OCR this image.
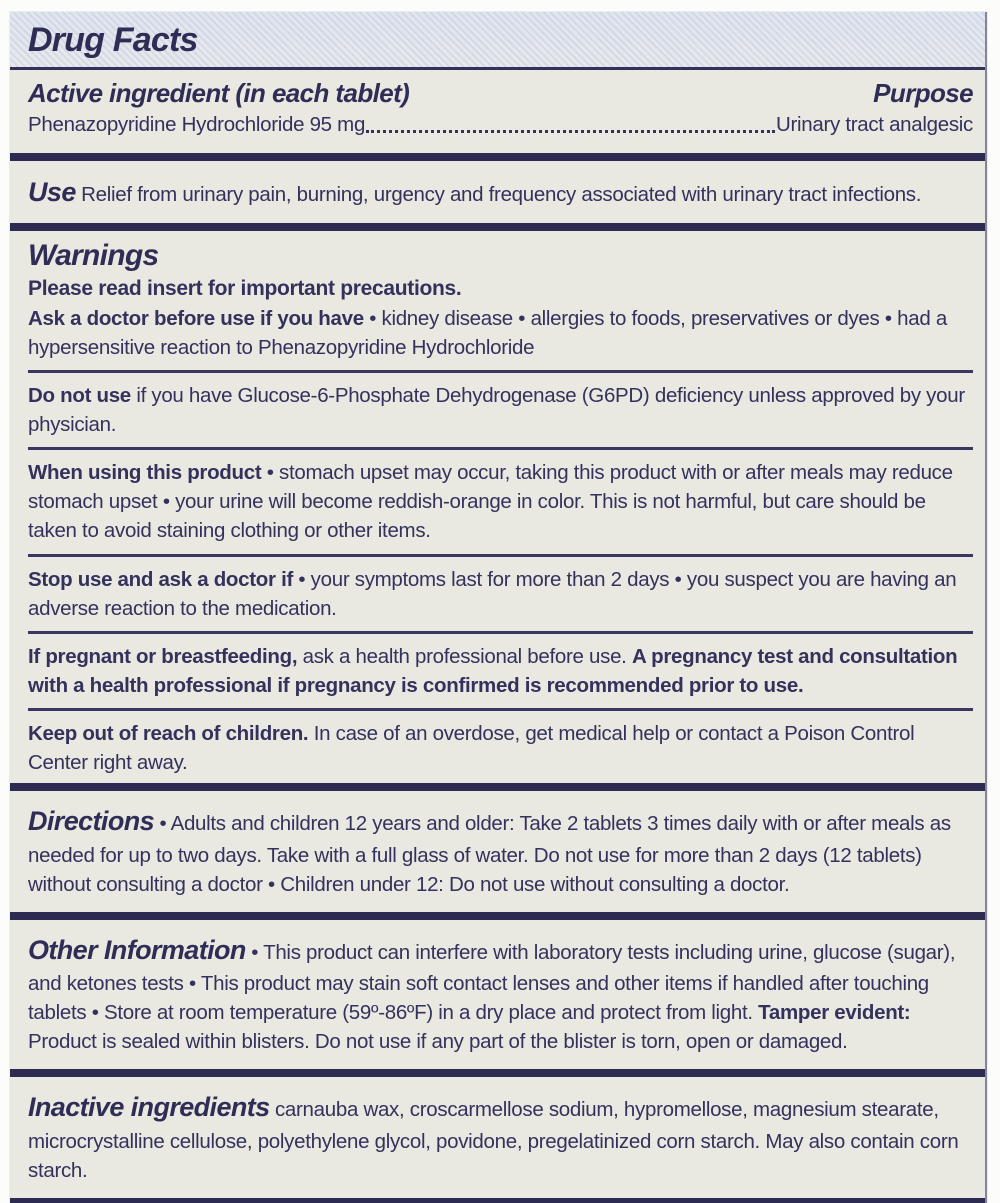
Drug Facts
Active ingredient (in each tablet)	Purpose
Phenazopyridine Hydrochloride 95 mg	Urinary tract analgesic

Use Relief from urinary pain, burning, urgency and frequency associated with urinary tract infections.

Warnings

Please read insert for important precautions.

Ask a doctor before use if you have • kidney disease • allergies to foods, preservatives or dyes • had a hypersensitive reaction to Phenazopyridine Hydrochloride

Do not use if you have Glucose-6-Phosphate Dehydrogenase (G6PD) deficiency unless approved by your physician.

When using this product • stomach upset may occur, taking this product with or after meals may reduce stomach upset • your urine will become reddish-orange in color. This is not harmful, but care should be taken to avoid staining clothing or other items.

Stop use and ask a doctor if • your symptoms last for more than 2 days • you suspect you are having an adverse reaction to the medication.

If pregnant or breastfeeding, ask a health professional before use. A pregnancy test and consultation with a health professional if pregnancy is confirmed is recommended prior to use.

Keep out of reach of children. In case of an overdose, get medical help or contact a Poison Control Center right away.

Directions • Adults and children 12 years and older: Take 2 tablets 3 times daily with or after meals as needed for up to two days. Take with a full glass of water. Do not use for more than 2 days (12 tablets) without consulting a doctor • Children under 12: Do not use without consulting a doctor.

Other Information • This product can interfere with laboratory tests including urine, glucose (sugar), and ketones tests • This product may stain soft contact lenses and other items if handled after touching tablets • Store at room temperature (59º-86ºF) in a dry place and protect from light. Tamper evident: Product is sealed within blisters. Do not use if any part of the blister is torn, open or damaged.

Inactive ingredients carnauba wax, croscarmellose sodium, hypromellose, magnesium stearate, microcrystalline cellulose, polyethylene glycol, povidone, pregelatinized corn starch. May also contain corn starch.
